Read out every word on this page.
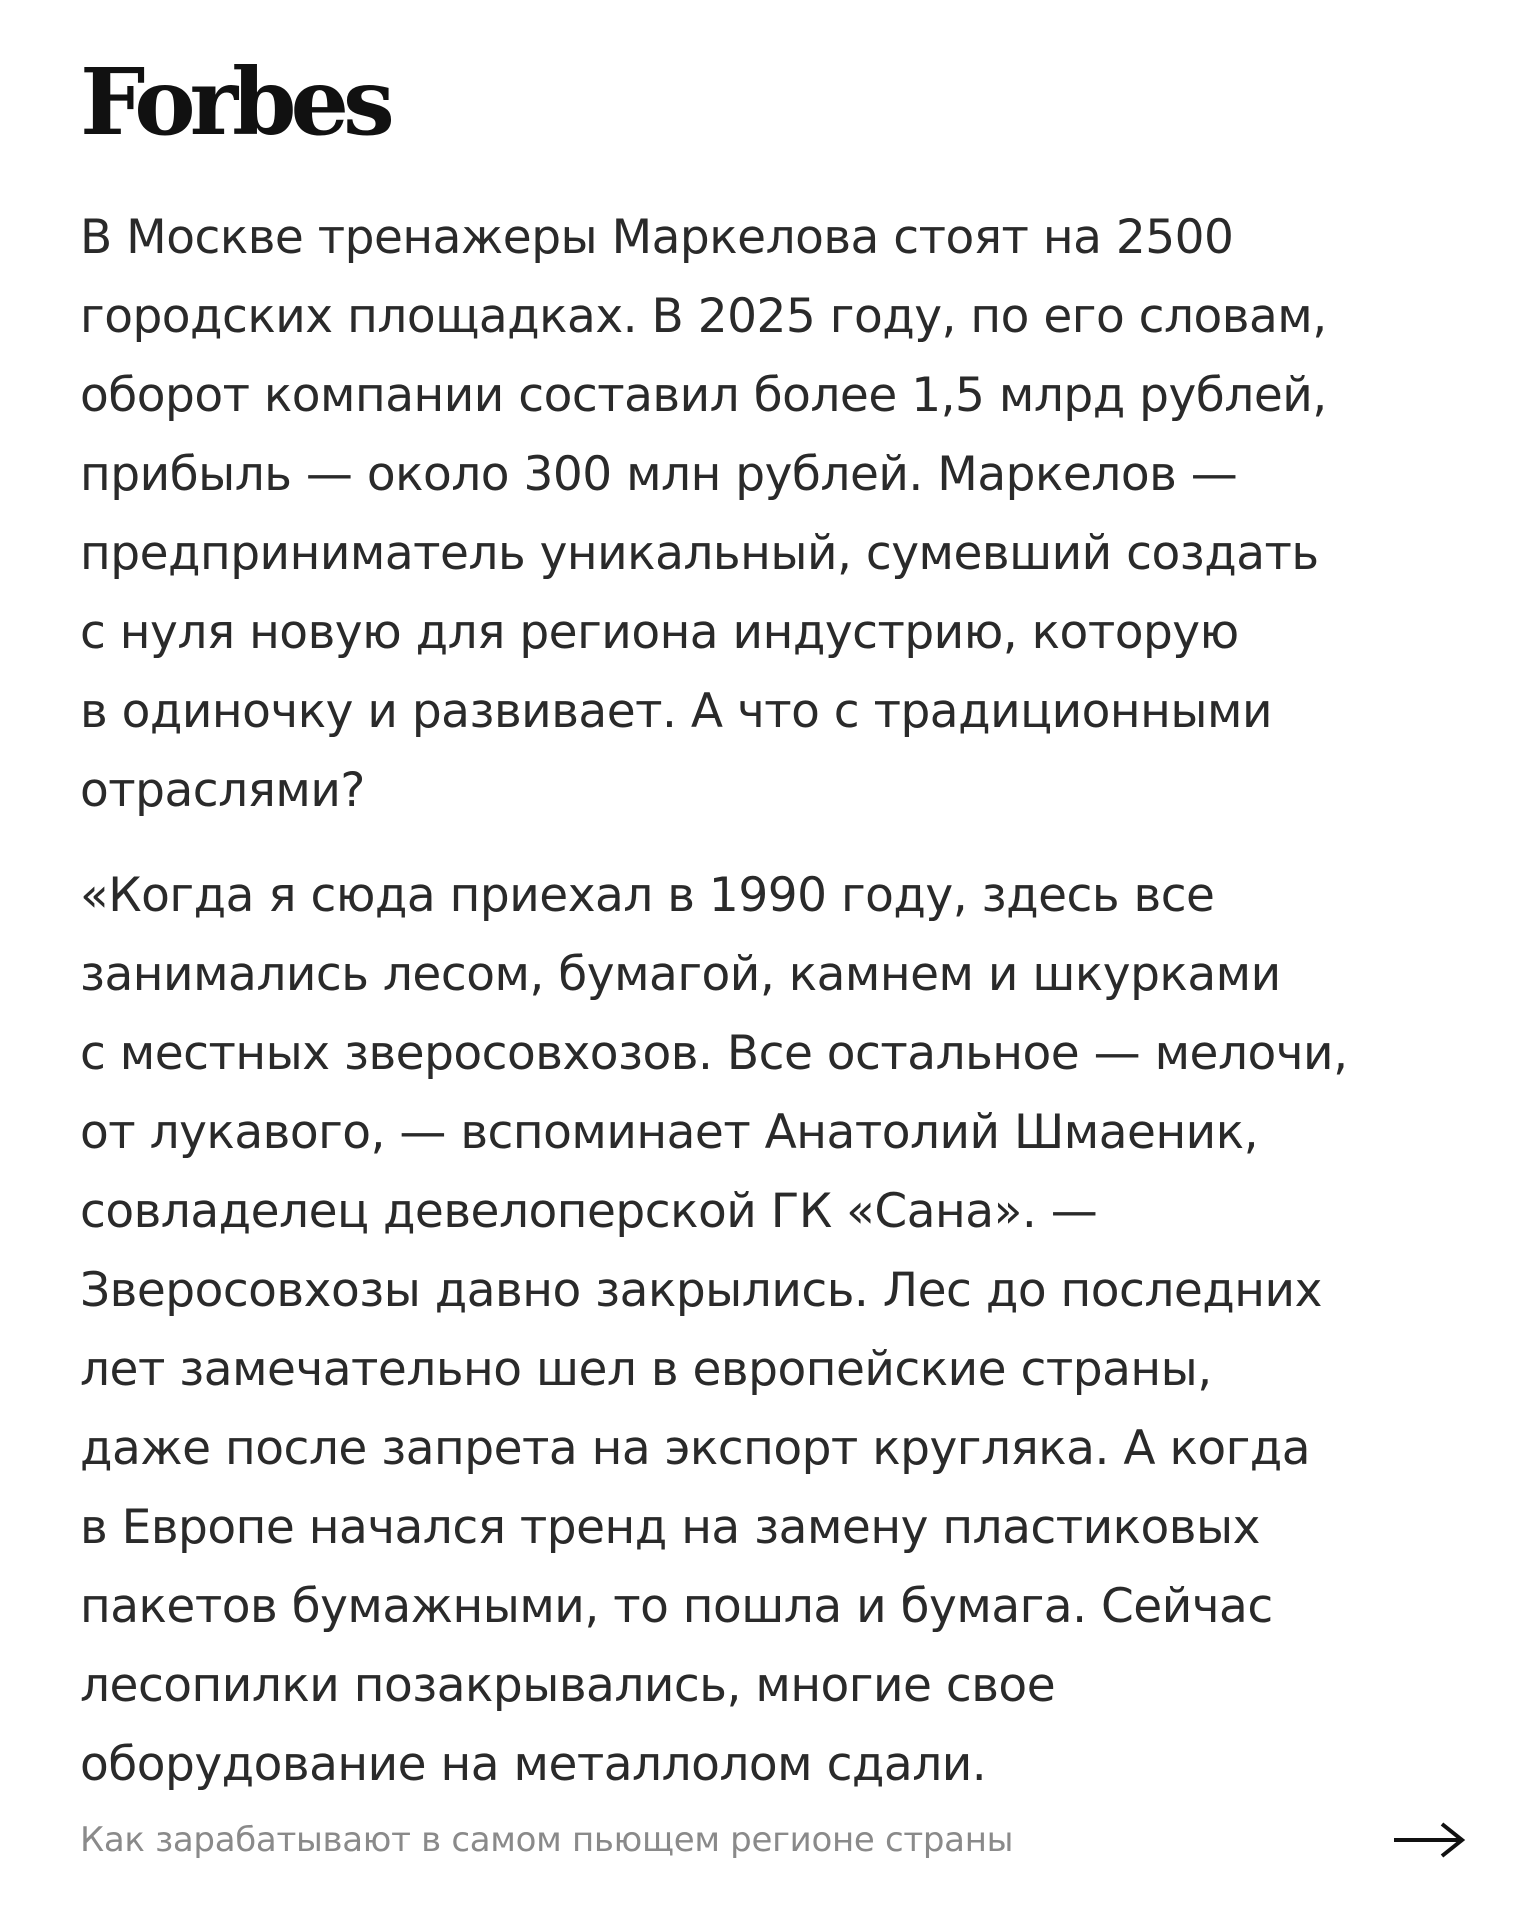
Forbes

В Москве тренажеры Маркелова стоят на 2500
городских площадках. В 2025 году, по его словам,
оборот компании составил более 1,5 млрд рублей,
прибыль — около 300 млн рублей. Маркелов —
предприниматель уникальный, сумевший создать
с нуля новую для региона индустрию, которую
в одиночку и развивает. А что с традиционными
отраслями?

«Когда я сюда приехал в 1990 году, здесь все
занимались лесом, бумагой, камнем и шкурками
с местных зверосовхозов. Все остальное — мелочи,
от лукавого, — вспоминает Анатолий Шмаеник,
совладелец девелоперской ГК «Сана». —
Зверосовхозы давно закрылись. Лес до последних
лет замечательно шел в европейские страны,
даже после запрета на экспорт кругляка. А когда
в Европе начался тренд на замену пластиковых
пакетов бумажными, то пошла и бумага. Сейчас
лесопилки позакрывались, многие свое
оборудование на металлолом сдали.

Как зарабатывают в самом пьющем регионе страны
